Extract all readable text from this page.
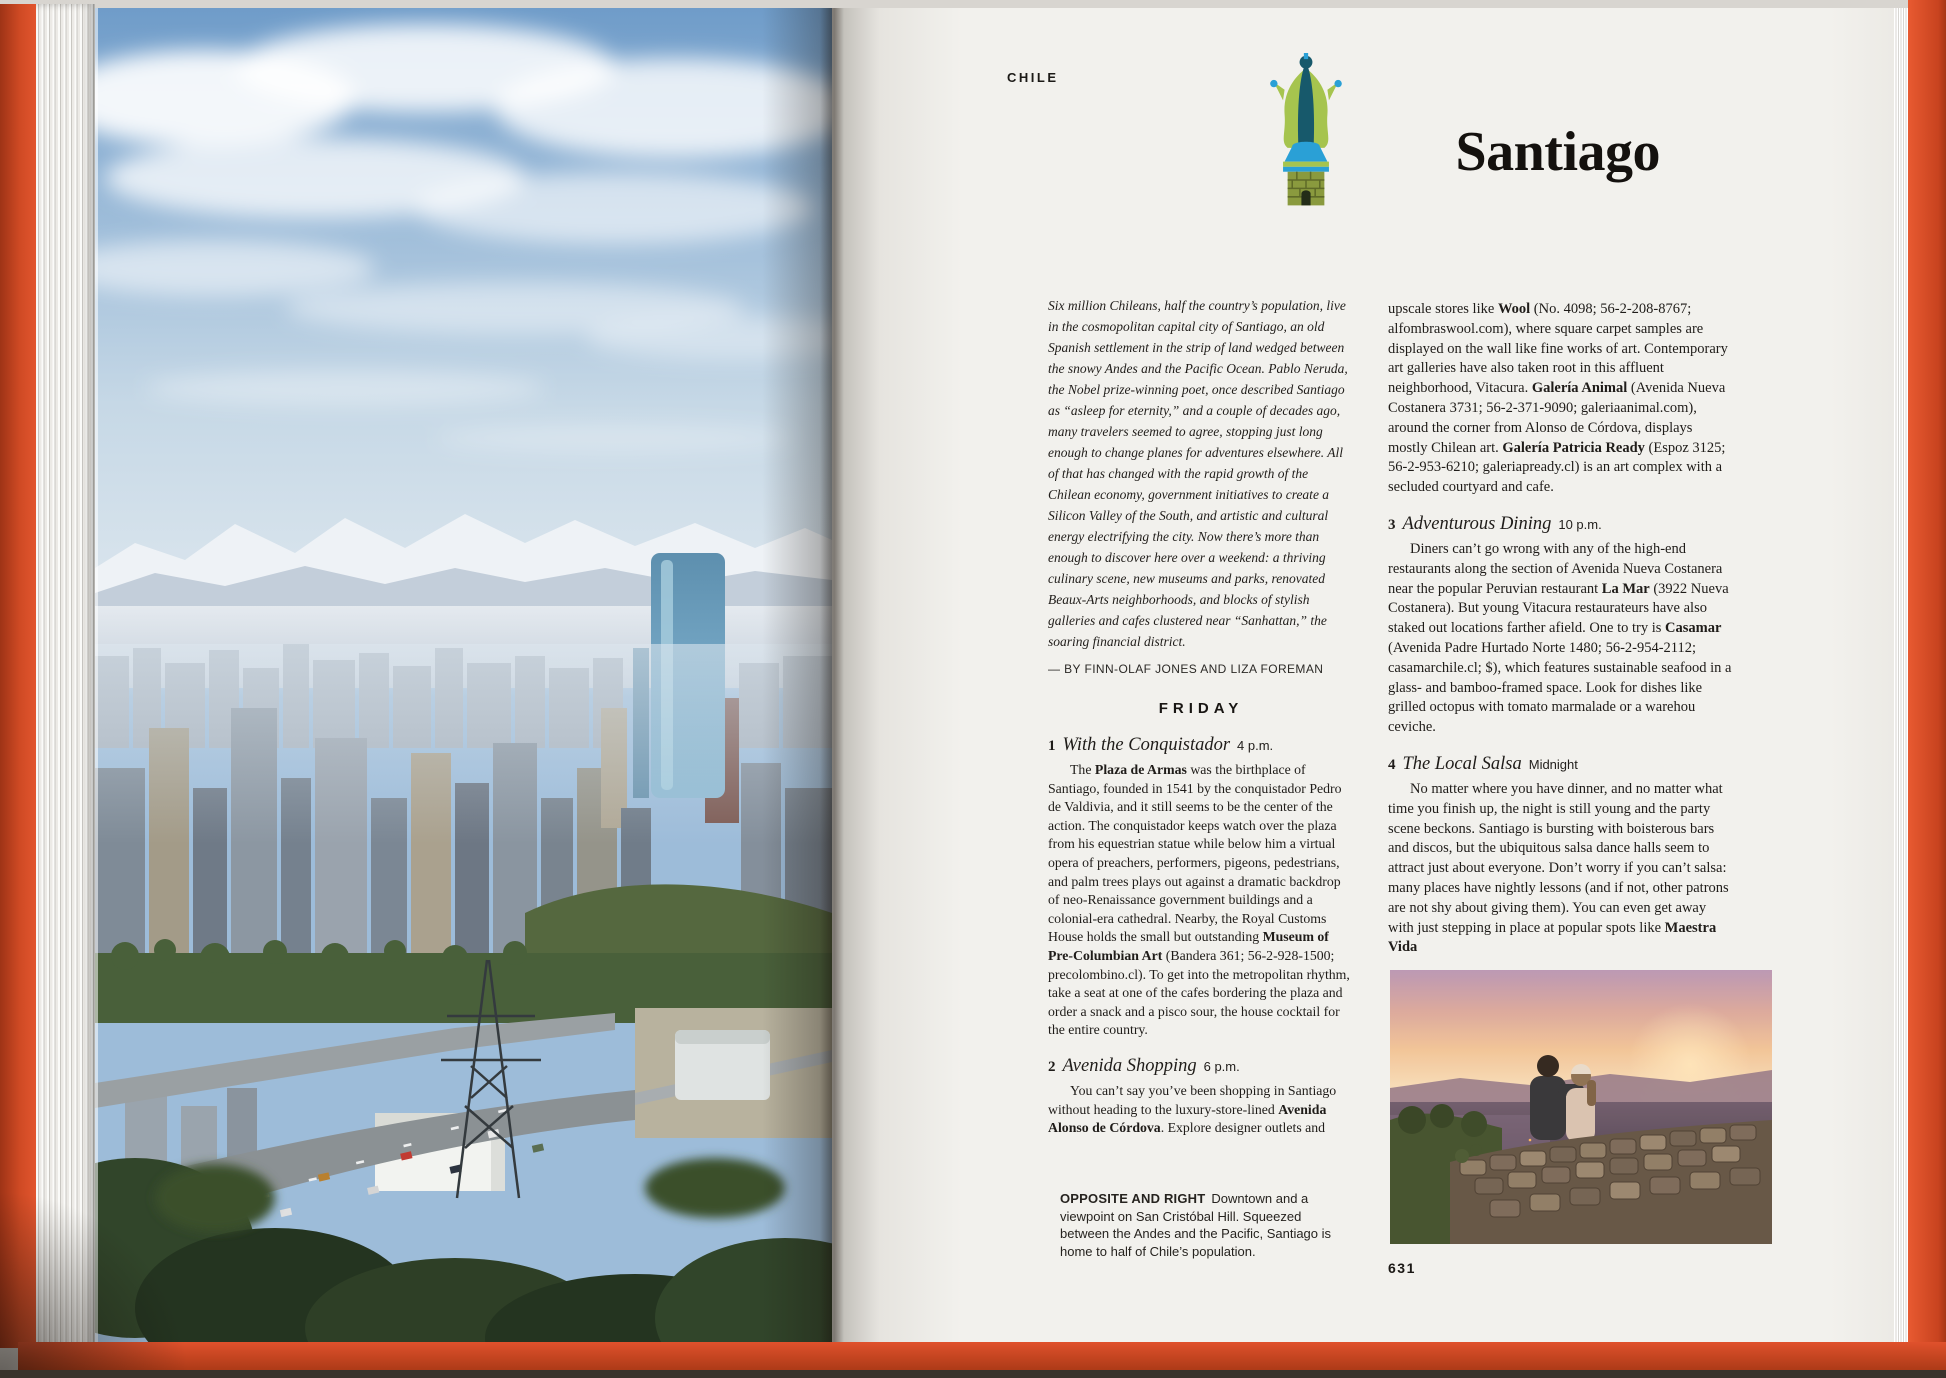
CHILE
Santiago

Six million Chileans, half the country’s population, live in the cosmopolitan capital city of Santiago, an old Spanish settlement in the strip of land wedged between the snowy Andes and the Pacific Ocean. Pablo Neruda, the Nobel prize-winning poet, once described Santiago as “asleep for eternity,” and a couple of decades ago, many travelers seemed to agree, stopping just long enough to change planes for adventures elsewhere. All of that has changed with the rapid growth of the Chilean economy, government initiatives to create a Silicon Valley of the South, and artistic and cultural energy electrifying the city. Now there’s more than enough to discover here over a weekend: a thriving culinary scene, new museums and parks, renovated Beaux-Arts neighborhoods, and blocks of stylish galleries and cafes clustered near “Sanhattan,” the soaring financial district.

— BY FINN-OLAF JONES AND LIZA FOREMAN

FRIDAY
1 With the Conquistador 4 p.m.

The Plaza de Armas was the birthplace of Santiago, founded in 1541 by the conquistador Pedro de Valdivia, and it still seems to be the center of the action. The conquistador keeps watch over the plaza from his equestrian statue while below him a virtual opera of preachers, performers, pigeons, pedestrians, and palm trees plays out against a dramatic backdrop of neo-Renaissance government buildings and a colonial-era cathedral. Nearby, the Royal Customs House holds the small but outstanding Museum of Pre-Columbian Art (Bandera 361; 56-2-928-1500; precolombino.cl). To get into the metropolitan rhythm, take a seat at one of the cafes bordering the plaza and order a snack and a pisco sour, the house cocktail for the entire country.

2 Avenida Shopping 6 p.m.

You can’t say you’ve been shopping in Santiago without heading to the luxury-store-lined Avenida Alonso de Córdova. Explore designer outlets and

upscale stores like Wool (No. 4098; 56-2-208-8767; alfombraswool.com), where square carpet samples are displayed on the wall like fine works of art. Contemporary art galleries have also taken root in this affluent neighborhood, Vitacura. Galería Animal (Avenida Nueva Costanera 3731; 56-2-371-9090; galeriaanimal.com), around the corner from Alonso de Córdova, displays mostly Chilean art. Galería Patricia Ready (Espoz 3125; 56-2-953-6210; galeriapready.cl) is an art complex with a secluded courtyard and cafe.

3 Adventurous Dining 10 p.m.

Diners can’t go wrong with any of the high-end restaurants along the section of Avenida Nueva Costanera near the popular Peruvian restaurant La Mar (3922 Nueva Costanera). But young Vitacura restaurateurs have also staked out locations farther afield. One to try is Casamar (Avenida Padre Hurtado Norte 1480; 56-2-954-2112; casamarchile.cl; $), which features sustainable seafood in a glass- and bamboo-framed space. Look for dishes like grilled octopus with tomato marmalade or a warehou ceviche.

4 The Local Salsa Midnight

No matter where you have dinner, and no matter what time you finish up, the night is still young and the party scene beckons. Santiago is bursting with boisterous bars and discos, but the ubiquitous salsa dance halls seem to attract just about everyone. Don’t worry if you can’t salsa: many places have nightly lessons (and if not, other patrons are not shy about giving them). You can even get away with just stepping in place at popular spots like Maestra Vida

631
OPPOSITE AND RIGHT Downtown and a viewpoint on San Cristóbal Hill. Squeezed between the Andes and the Pacific, Santiago is home to half of Chile’s population.
